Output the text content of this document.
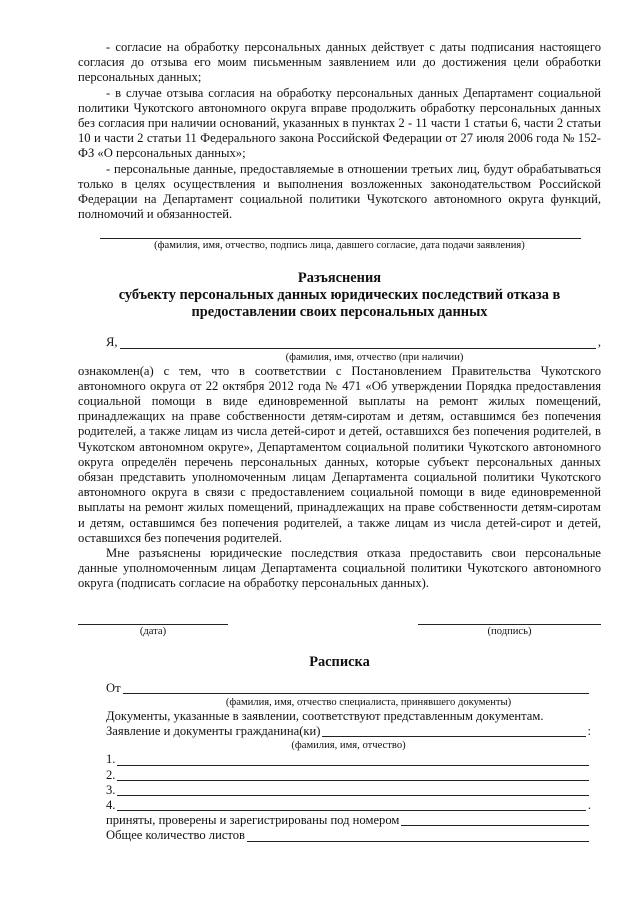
- согласие на обработку персональных данных действует с даты подписания настоящего согласия до отзыва его моим письменным заявлением или до достижения цели обработки персональных данных;

- в случае отзыва согласия на обработку персональных данных Департамент социальной политики Чукотского автономного округа вправе продолжить обработку персональных данных без согласия при наличии оснований, указанных в пунктах 2 - 11 части 1 статьи 6, части 2 статьи 10 и части 2 статьи 11 Федерального закона Российской Федерации от 27 июля 2006 года № 152-ФЗ «О персональных данных»;

- персональные данные, предоставляемые в отношении третьих лиц, будут обрабатываться только в целях осуществления и выполнения возложенных законодательством Российской Федерации на Департамент социальной политики Чукотского автономного округа функций, полномочий и обязанностей.

(фамилия, имя, отчество, подпись лица, давшего согласие, дата подачи заявления)
Разъяснения
субъекту персональных данных юридических последствий отказа в
предоставлении своих персональных данных
Я,	,
(фамилия, имя, отчество (при наличии)

ознакомлен(а) с тем, что в соответствии с Постановлением Правительства Чукотского автономного округа от 22 октября 2012 года № 471 «Об утверждении Порядка предоставления социальной помощи в виде единовременной выплаты на ремонт жилых помещений, принадлежащих на праве собственности детям-сиротам и детям, оставшимся без попечения родителей, а также лицам из числа детей-сирот и детей, оставшихся без попечения родителей, в Чукотском автономном округе», Департаментом социальной политики Чукотского автономного округа определён перечень персональных данных, которые субъект персональных данных обязан представить уполномоченным лицам Департамента социальной политики Чукотского автономного округа в связи с предоставлением социальной помощи в виде единовременной выплаты на ремонт жилых помещений, принадлежащих на праве собственности детям-сиротам и детям, оставшимся без попечения родителей, а также лицам из числа детей-сирот и детей, оставшихся без попечения родителей.

Мне разъяснены юридические последствия отказа предоставить свои персональные данные уполномоченным лицам Департамента социальной политики Чукотского автономного округа (подписать согласие на обработку персональных данных).

(дата)	(подпись)
Расписка
От
(фамилия, имя, отчество специалиста, принявшего документы)

Документы, указанные в заявлении, соответствуют представленным документам.

Заявление и документы гражданина(ки)	:
(фамилия, имя, отчество)
1.
2.
3.
4.	.
приняты, проверены и зарегистрированы под номером
Общее количество листов
